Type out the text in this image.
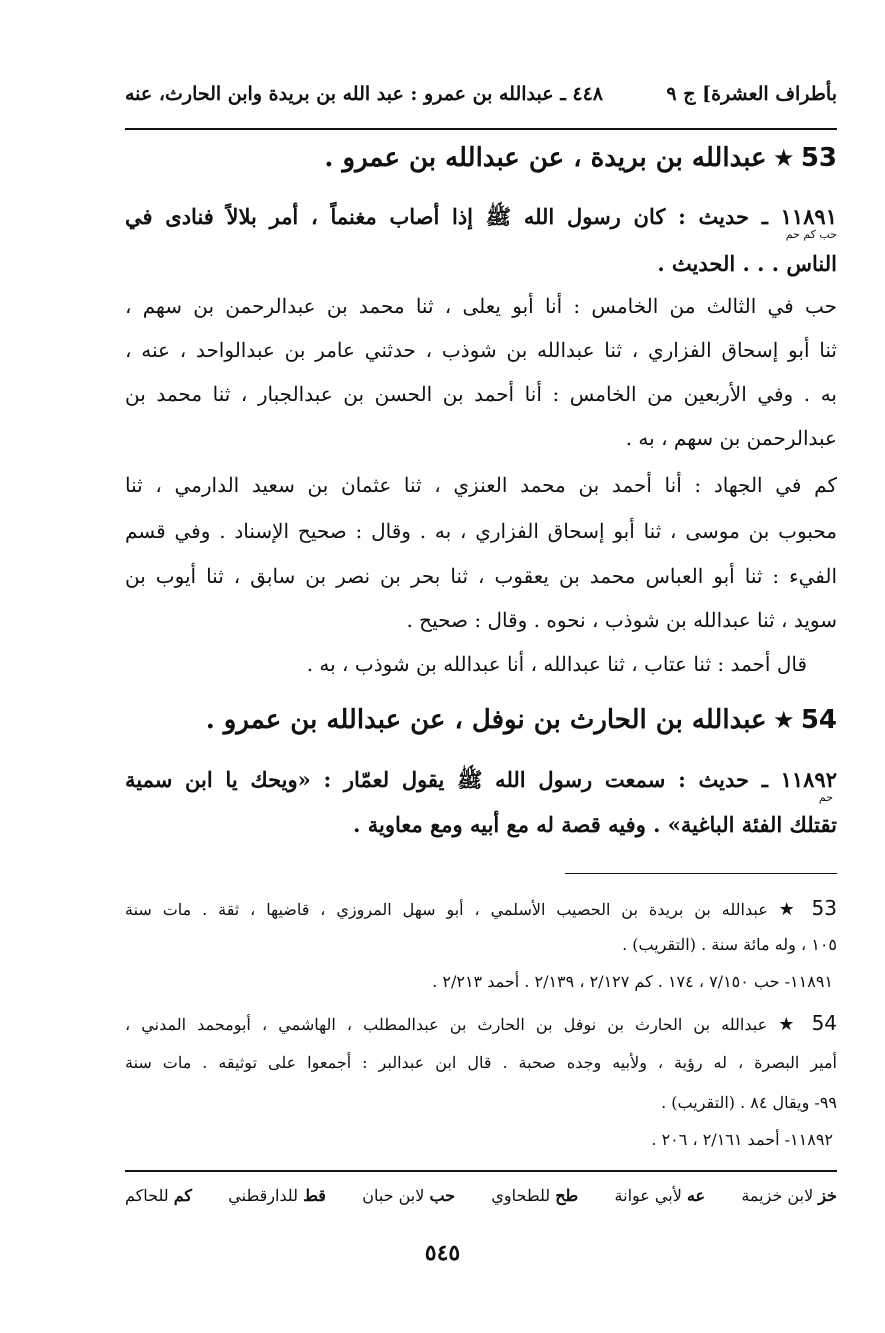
بأطراف العشرة] ج ٩
٤٤٨ ـ عبدالله بن عمرو : عبد الله بن بريدة وابن الحارث، عنه
53 ★ عبدالله بن بريدة ، عن عبدالله بن عمرو .
١١٨٩١ ـ حديث : كان رسول الله ﷺ إذا أصاب مغنماً ، أمر بلالاً فنادى في
حب كم حم
الناس . . . الحديث .
حب في الثالث من الخامس : أنا أبو يعلى ، ثنا محمد بن عبدالرحمن بن سهم ،
ثنا أبو إسحاق الفزاري ، ثنا عبدالله بن شوذب ، حدثني عامر بن عبدالواحد ، عنه ،
به . وفي الأربعين من الخامس : أنا أحمد بن الحسن بن عبدالجبار ، ثنا محمد بن
عبدالرحمن بن سهم ، به .
كم في الجهاد : أنا أحمد بن محمد العنزي ، ثنا عثمان بن سعيد الدارمي ، ثنا
محبوب بن موسى ، ثنا أبو إسحاق الفزاري ، به . وقال : صحيح الإسناد . وفي قسم
الفيء : ثنا أبو العباس محمد بن يعقوب ، ثنا بحر بن نصر بن سابق ، ثنا أيوب بن
سويد ، ثنا عبدالله بن شوذب ، نحوه . وقال : صحيح .
قال أحمد : ثنا عتاب ، ثنا عبدالله ، أنا عبدالله بن شوذب ، به .
54 ★ عبدالله بن الحارث بن نوفل ، عن عبدالله بن عمرو .
١١٨٩٢ ـ حديث : سمعت رسول الله ﷺ يقول لعمّار : «ويحك يا ابن سمية
حم
تقتلك الفئة الباغية» . وفيه قصة له مع أبيه ومع معاوية .
53 ★ عبدالله بن بريدة بن الحصيب الأسلمي ، أبو سهل المروزي ، قاضيها ، ثقة . مات سنة
١٠٥ ، وله مائة سنة . (التقريب) .
١١٨٩١- حب ٧/١٥٠ ، ١٧٤ . كم ٢/١٢٧ ، ٢/١٣٩ . أحمد ٢/٢١٣ .
54 ★ عبدالله بن الحارث بن نوفل بن الحارث بن عبدالمطلب ، الهاشمي ، أبومحمد المدني ،
أمير البصرة ، له رؤية ، ولأبيه وجده صحبة . قال ابن عبدالبر : أجمعوا على توثيقه . مات سنة
٩٩- ويقال ٨٤ . (التقريب) .
١١٨٩٢- أحمد ٢/١٦١ ، ٢٠٦ .
خز لابن خزيمة
عه لأبي عوانة
طح للطحاوي
حب لابن حبان
قط للدارقطني
كم للحاكم
٥٤٥
